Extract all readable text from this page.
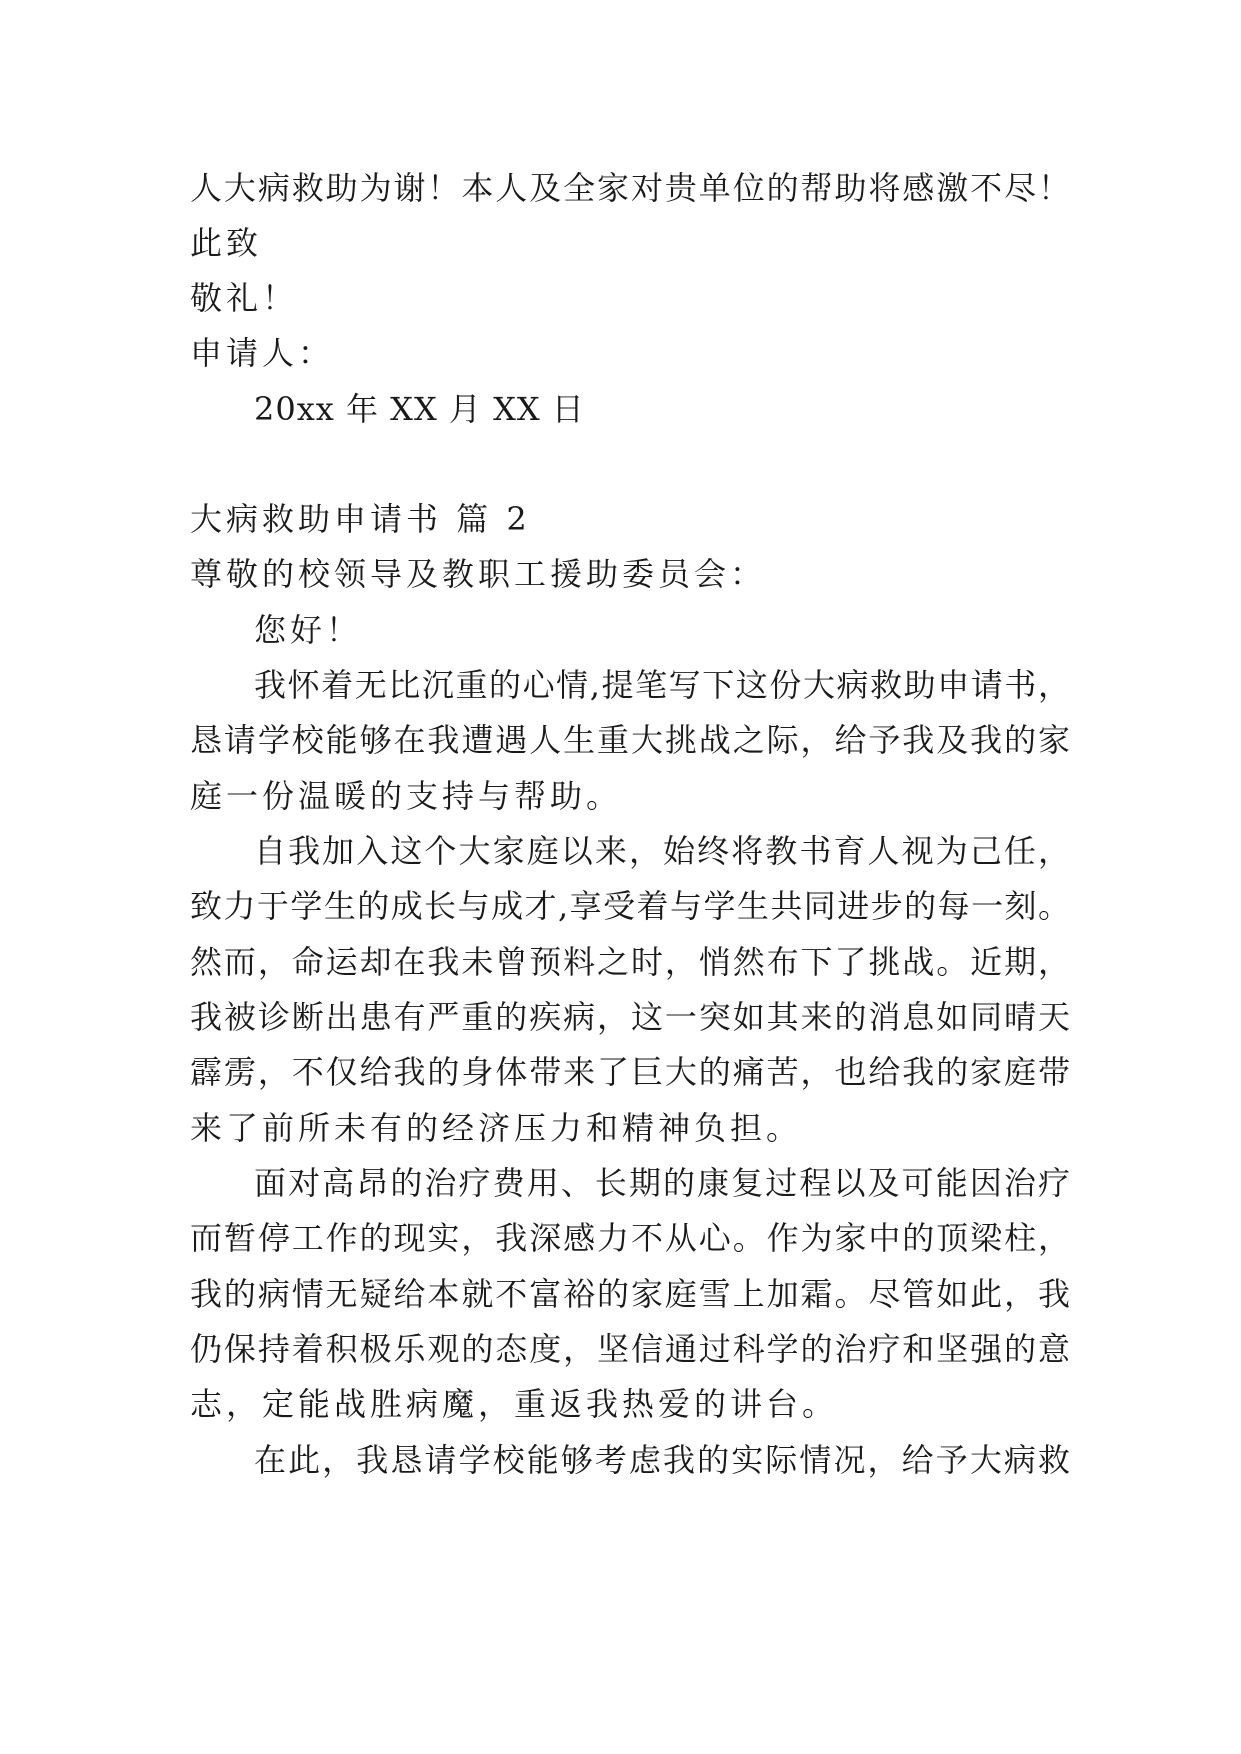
人大病救助为谢！本人及全家对贵单位的帮助将感激不尽！
此致
敬礼！
申请人：
20xx 年 XX 月 XX 日
大病救助申请书 篇 2
尊敬的校领导及教职工援助委员会：
您好！
我怀着无比沉重的心情,提笔写下这份大病救助申请书，
恳请学校能够在我遭遇人生重大挑战之际，给予我及我的家
庭一份温暖的支持与帮助。
自我加入这个大家庭以来，始终将教书育人视为己任，
致力于学生的成长与成才,享受着与学生共同进步的每一刻。
然而，命运却在我未曾预料之时，悄然布下了挑战。近期，
我被诊断出患有严重的疾病，这一突如其来的消息如同晴天
霹雳，不仅给我的身体带来了巨大的痛苦，也给我的家庭带
来了前所未有的经济压力和精神负担。
面对高昂的治疗费用、长期的康复过程以及可能因治疗
而暂停工作的现实，我深感力不从心。作为家中的顶梁柱，
我的病情无疑给本就不富裕的家庭雪上加霜。尽管如此，我
仍保持着积极乐观的态度，坚信通过科学的治疗和坚强的意
志，定能战胜病魔，重返我热爱的讲台。
在此，我恳请学校能够考虑我的实际情况，给予大病救
